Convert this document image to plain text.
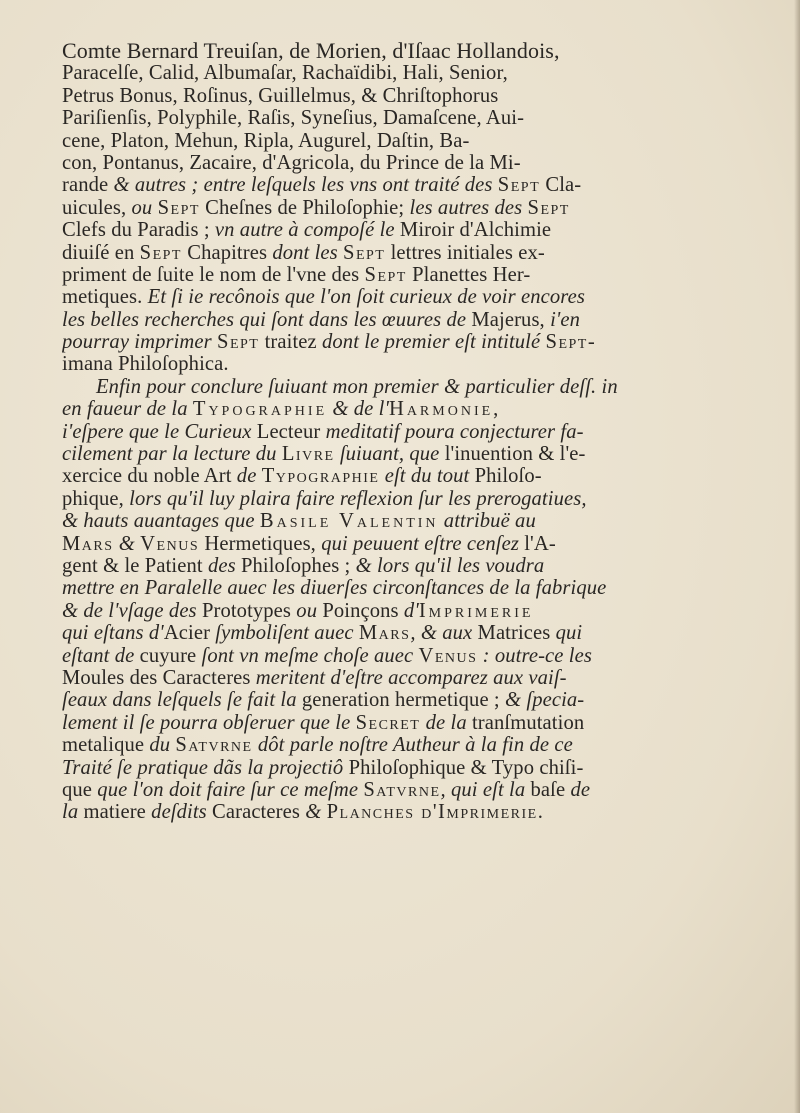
Comte Bernard Treuiſan, de Morien, d'Iſaac Hollandois,
Paracelſe, Calid, Albumaſar, Rachaïdibi, Hali, Senior,
Petrus Bonus, Roſinus, Guillelmus, & Chriſtophorus
Pariſienſis, Polyphile, Raſis, Syneſius, Damaſcene, Aui-
cene, Platon, Mehun, Ripla, Augurel, Daſtin, Ba-
con, Pontanus, Zacaire, d'Agricola, du Prince de la Mi-
rande & autres ; entre leſquels les vns ont traité des Sept Cla-
uicules, ou Sept Cheſnes de Philoſophie; les autres des Sept
Clefs du Paradis ; vn autre à compoſé le Miroir d'Alchimie
diuiſé en Sept Chapitres dont les Sept lettres initiales ex-
priment de ſuite le nom de l'vne des Sept Planettes Her-
metiques. Et ſi ie recônois que l'on ſoit curieux de voir encores
les belles recherches qui ſont dans les œuures de Majerus, i'en
pourray imprimer Sept traitez dont le premier eſt intitulé Sept-
imana Philoſophica.
Enfin pour conclure ſuiuant mon premier & particulier deſſ. in
en faueur de la Typographie & de l'Harmonie,
i'eſpere que le Curieux Lecteur meditatif poura conjecturer fa-
cilement par la lecture du Livre ſuiuant, que l'inuention & l'e-
xercice du noble Art de Typographie eſt du tout Philoſo-
phique, lors qu'il luy plaira faire reflexion ſur les prerogatiues,
& hauts auantages que Basile Valentin attribuë au
Mars & Venus Hermetiques, qui peuuent eſtre cenſez l'A-
gent & le Patient des Philoſophes ; & lors qu'il les voudra
mettre en Paralelle auec les diuerſes circonſtances de la fabrique
& de l'vſage des Prototypes ou Poinçons d'Imprimerie
qui eſtans d'Acier ſymboliſent auec Mars, & aux Matrices qui
eſtant de cuyure ſont vn meſme choſe auec Venus : outre-ce les
Moules des Caracteres meritent d'eſtre accomparez aux vaiſ-
ſeaux dans leſquels ſe fait la generation hermetique ; & ſpecia-
lement il ſe pourra obſeruer que le Secret de la tranſmutation
metalique du Satvrne dôt parle noſtre Autheur à la fin de ce
Traité ſe pratique dãs la projectiô Philoſophique & Typo chiſi-
que que l'on doit faire ſur ce meſme Satvrne, qui eſt la baſe de
la matiere deſdits Caracteres & Planches d'Imprimerie.
